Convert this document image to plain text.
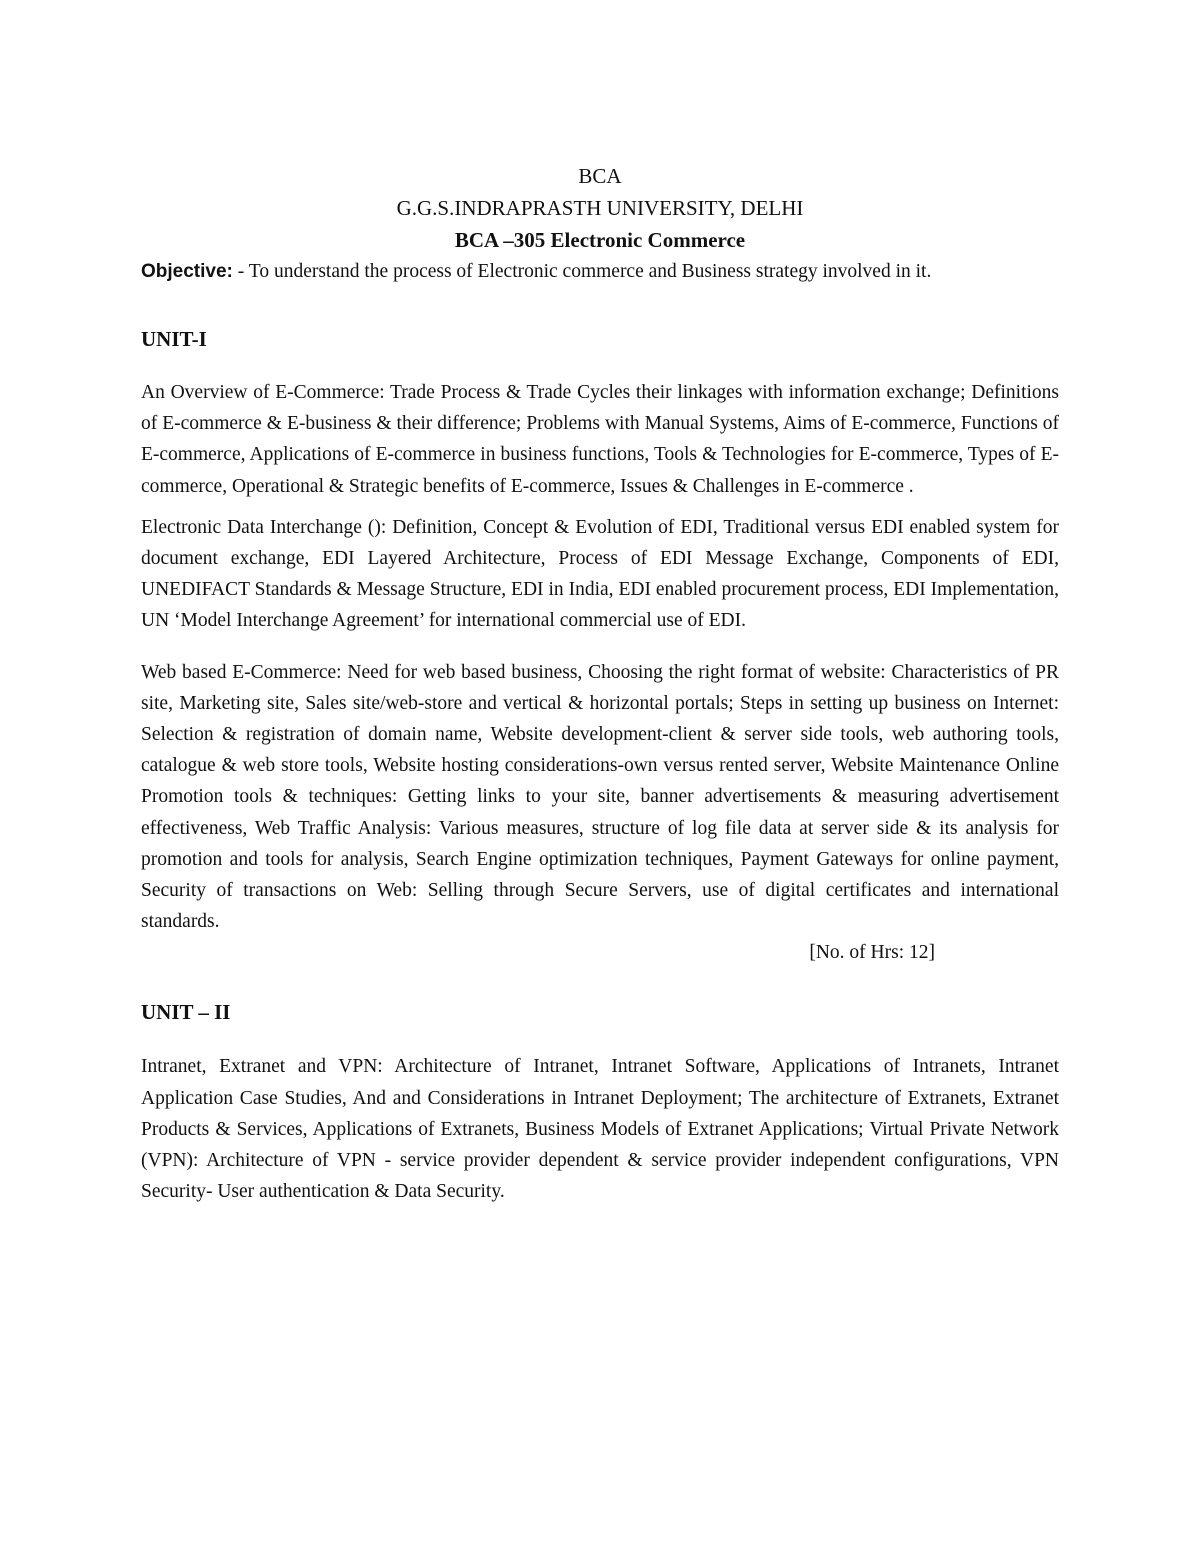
BCA

G.G.S.INDRAPRASTH UNIVERSITY, DELHI

BCA –305 Electronic Commerce

Objective: - To understand the process of Electronic commerce and Business strategy involved in it.

UNIT-I

An Overview of E-Commerce: Trade Process & Trade Cycles their linkages with information exchange; Definitions of E-commerce & E-business & their difference; Problems with Manual Systems, Aims of E-commerce, Functions of E-commerce, Applications of E-commerce in business functions, Tools & Technologies for E-commerce, Types of E-commerce, Operational & Strategic benefits of E-commerce, Issues & Challenges in E-commerce .

Electronic Data Interchange (): Definition, Concept & Evolution of EDI, Traditional versus EDI enabled system for document exchange, EDI Layered Architecture, Process of EDI Message Exchange, Components of EDI, UNEDIFACT Standards & Message Structure, EDI in India, EDI enabled procurement process, EDI Implementation, UN ‘Model Interchange Agreement’ for international commercial use of EDI.

Web based E-Commerce: Need for web based business, Choosing the right format of website: Characteristics of PR site, Marketing site, Sales site/web-store and vertical & horizontal portals; Steps in setting up business on Internet: Selection & registration of domain name, Website development-client & server side tools, web authoring tools, catalogue & web store tools, Website hosting considerations-own versus rented server, Website Maintenance Online Promotion tools & techniques: Getting links to your site, banner advertisements & measuring advertisement effectiveness, Web Traffic Analysis: Various measures, structure of log file data at server side & its analysis for promotion and tools for analysis, Search Engine optimization techniques, Payment Gateways for online payment, Security of transactions on Web: Selling through Secure Servers, use of digital certificates and international standards.

[No. of Hrs: 12]

UNIT – II

Intranet, Extranet and VPN: Architecture of Intranet, Intranet Software, Applications of Intranets, Intranet Application Case Studies, And and Considerations in Intranet Deployment; The architecture of Extranets, Extranet Products & Services, Applications of Extranets, Business Models of Extranet Applications; Virtual Private Network (VPN): Architecture of VPN - service provider dependent & service provider independent configurations, VPN Security- User authentication & Data Security.
